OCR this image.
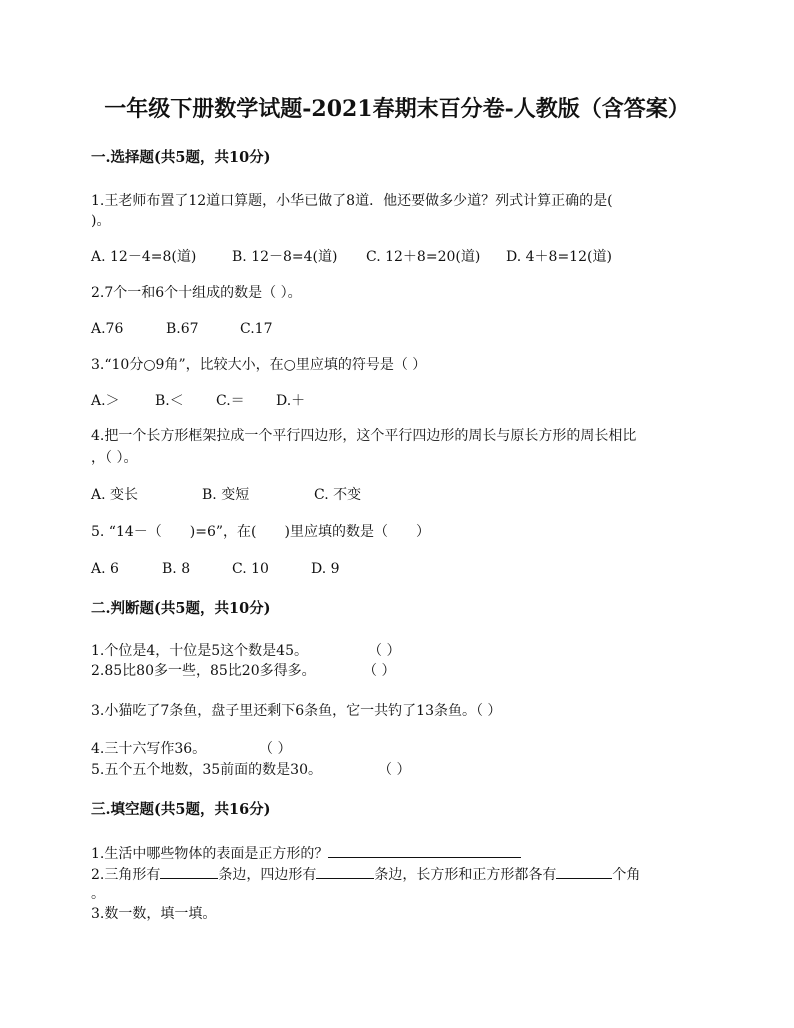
一年级下册数学试题-2021春期末百分卷-人教版（含答案）
一.选择题(共5题，共10分)
1.王老师布置了12道口算题，小华已做了8道．他还要做多少道？列式计算正确的是(
)。
A. 12－4=8(道)	B. 12－8=4(道) C. 12＋8=20(道) D. 4＋8=12(道)
2.7个一和6个十组成的数是（ ）。
A.76	B.67	C.17
3.“10分○9角”，比较大小，在○里应填的符号是（ ）
A.＞	B.＜ C.＝ D.＋
4.把一个长方形框架拉成一个平行四边形，这个平行四边形的周长与原长方形的周长相比
，（ ）。
A. 变长	B. 变短	C. 不变
5. “14－（　　)=6”，在(　　)里应填的数是（　　）
A. 6	B. 8	C. 10	D. 9
二.判断题(共5题，共10分)
1.个位是4，十位是5这个数是45。	（ ）
2.85比80多一些，85比20多得多。	（ ）
3.小猫吃了7条鱼，盘子里还剩下6条鱼，它一共钓了13条鱼。（ ）
4.三十六写作36。	（ ）
5.五个五个地数，35前面的数是30。	（ ）
三.填空题(共5题，共16分)
1.生活中哪些物体的表面是正方形的？
2.三角形有	条边，四边形有	条边，长方形和正方形都各有	个角
。
3.数一数，填一填。
